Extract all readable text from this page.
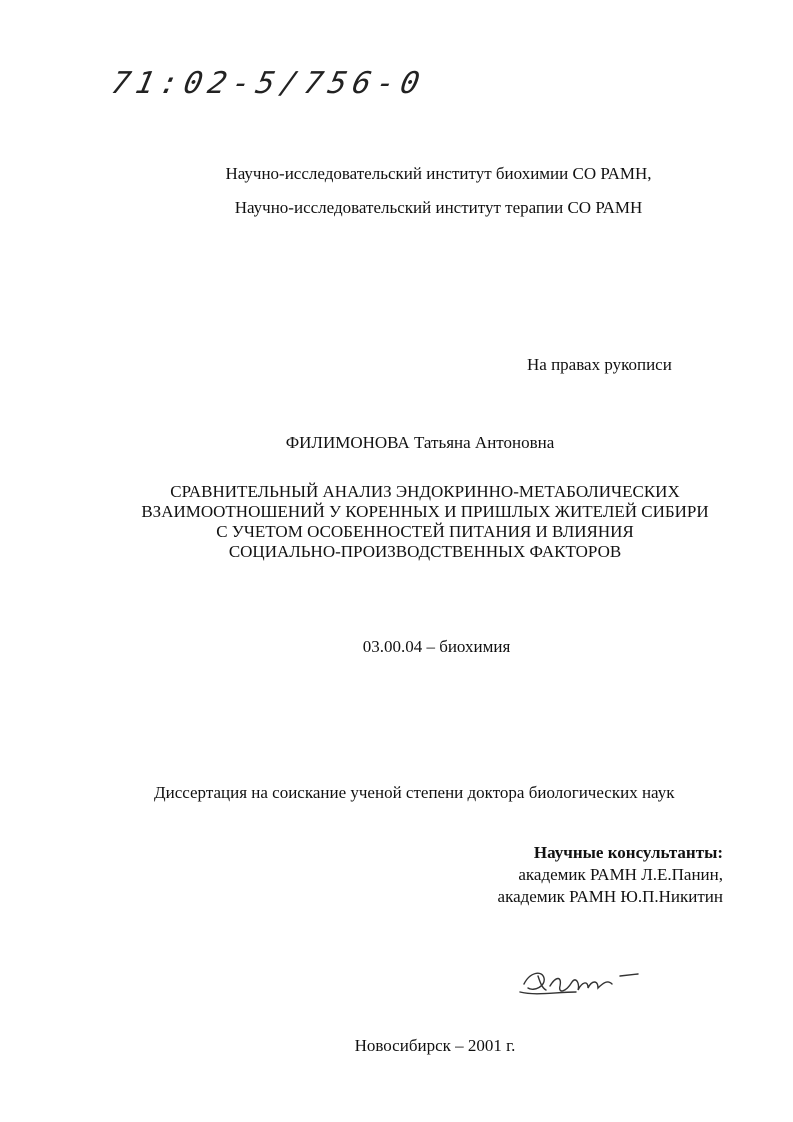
71:02-5/756-0
Научно-исследовательский институт биохимии СО РАМН,
Научно-исследовательский институт терапии СО РАМН
На правах рукописи
ФИЛИМОНОВА Татьяна Антоновна
СРАВНИТЕЛЬНЫЙ АНАЛИЗ ЭНДОКРИННО-МЕТАБОЛИЧЕСКИХ
ВЗАИМООТНОШЕНИЙ У КОРЕННЫХ И ПРИШЛЫХ ЖИТЕЛЕЙ СИБИРИ
С УЧЕТОМ ОСОБЕННОСТЕЙ ПИТАНИЯ И ВЛИЯНИЯ
СОЦИАЛЬНО-ПРОИЗВОДСТВЕННЫХ ФАКТОРОВ
03.00.04 – биохимия
Диссертация на соискание ученой степени доктора биологических наук
Научные консультанты:
академик РАМН Л.Е.Панин,
академик РАМН Ю.П.Никитин
Новосибирск – 2001 г.
